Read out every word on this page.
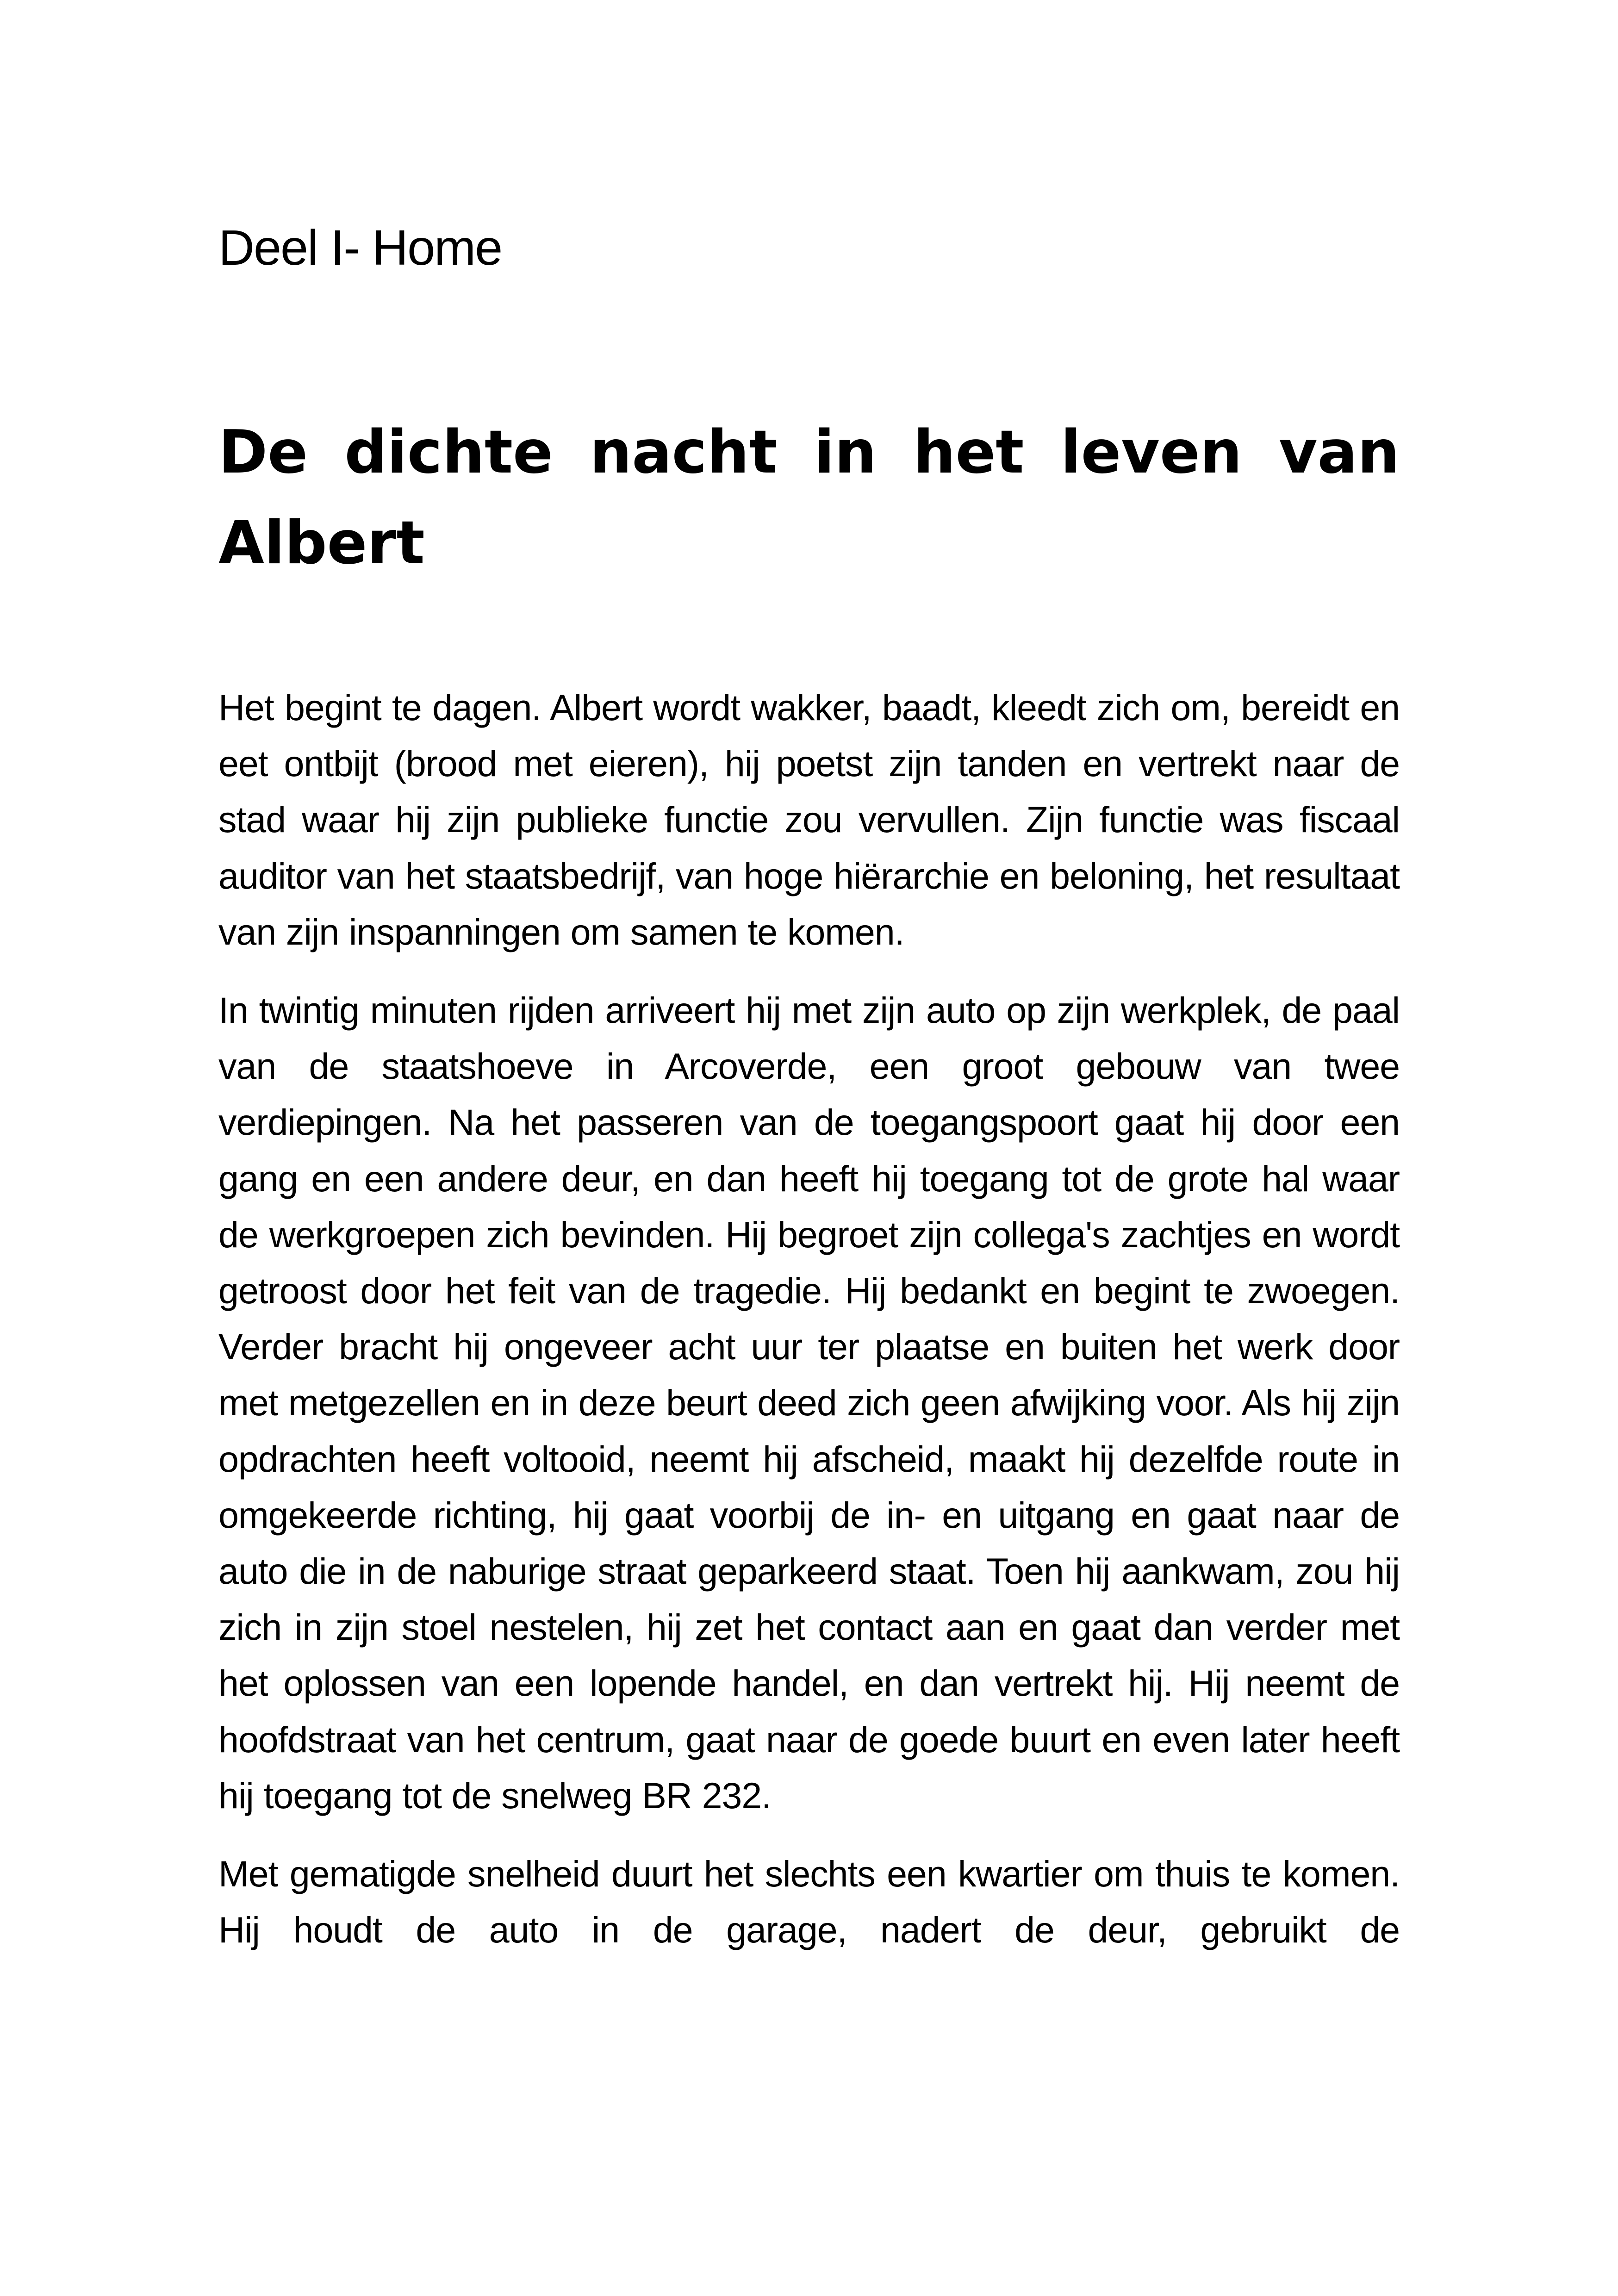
Deel I- Home
De dichte nacht in het leven van Albert

Het begint te dagen. Albert wordt wakker, baadt, kleedt zich om, bereidt en eet ontbijt (brood met eieren), hij poetst zijn tanden en vertrekt naar de stad waar hij zijn publieke functie zou vervullen. Zijn functie was fiscaal auditor van het staatsbedrijf, van hoge hiërarchie en beloning, het resultaat van zijn inspanningen om samen te komen.

In twintig minuten rijden arriveert hij met zijn auto op zijn werkplek, de paal van de staatshoeve in Arcoverde, een groot gebouw van twee verdiepingen. Na het passeren van de toegangspoort gaat hij door een gang en een andere deur, en dan heeft hij toegang tot de grote hal waar de werkgroepen zich bevinden. Hij begroet zijn collega's zachtjes en wordt getroost door het feit van de tragedie. Hij bedankt en begint te zwoegen. Verder bracht hij ongeveer acht uur ter plaatse en buiten het werk door met metgezellen en in deze beurt deed zich geen afwijking voor. Als hij zijn opdrachten heeft voltooid, neemt hij afscheid, maakt hij dezelfde route in omgekeerde richting, hij gaat voorbij de in- en uitgang en gaat naar de auto die in de naburige straat geparkeerd staat. Toen hij aankwam, zou hij zich in zijn stoel nestelen, hij zet het contact aan en gaat dan verder met het oplossen van een lopende handel, en dan vertrekt hij. Hij neemt de hoofdstraat van het centrum, gaat naar de goede buurt en even later heeft hij toegang tot de snelweg BR 232.

Met gematigde snelheid duurt het slechts een kwartier om thuis te komen. Hij houdt de auto in de garage, nadert de deur, gebruikt de
